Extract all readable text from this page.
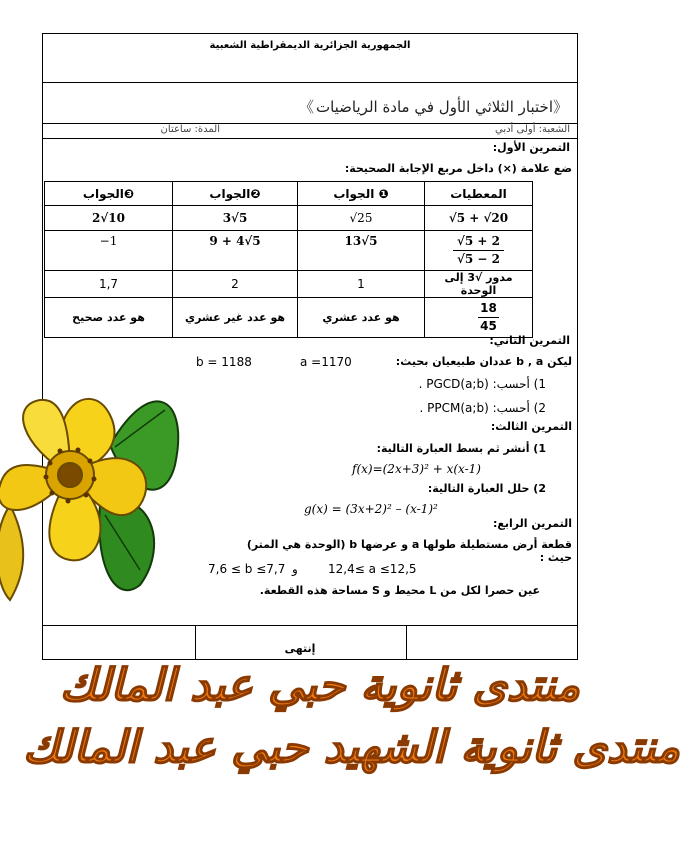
الجمهورية الجزائرية الديمقراطية الشعبية
《اختبار الثلاثي الأول في مادة الرياضيات》
الشعبة: أولى أدبي
المدة: ساعتان
التمرين الأول:
ضع علامة (×) داخل مربع الإجابة الصحيحة:
الجواب❸	الجواب❷	الجواب ❶	المعطيات
2√10	3√5	√25	√5 + √20
−1	9 + 4√5	13√5	$\frac{√5 + 2}{√5 - 2}$

1,7	2	1	مدور √3 إلى الوحدة
هو عدد صحيح	هو عدد غير عشري	هو عدد عشري	$\frac{18}{45}$
التمرين الثاني:
ليكن b , a عددان طبيعيان بحيث:
a =1170
b = 1188
1) أحسب: PGCD(a;b) .
2) أحسب: PPCM(a;b) .
التمرين الثالث:
1) أنشر ثم بسط العبارة التالية:
f(x)=(2x+3)² + x(x-1)
2) حلل العبارة التالية:
g(x) = (3x+2)² – (x-1)²
التمرين الرابع:
قطعة أرض مستطيلة طولها a و عرضها b (الوحدة هي المتر) حيث :
12,4≤ a ≤12,5
و
7,6 ≤ b ≤7,7
عين حصرا لكل من L محيط و S مساحة هذه القطعة.
إنتهى
منتدى ثانوية حبي عبد المالك
منتدى ثانوية الشهيد حبي عبد المالك
